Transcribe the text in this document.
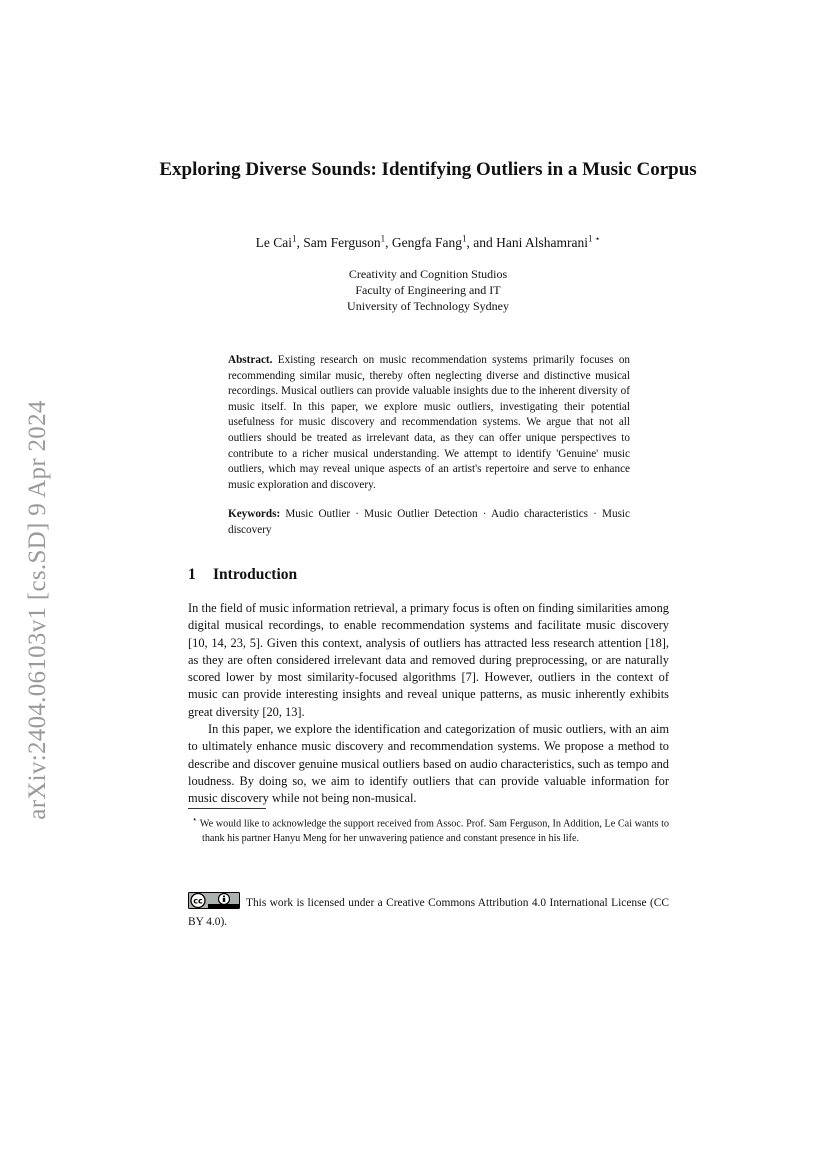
arXiv:2404.06103v1 [cs.SD] 9 Apr 2024
Exploring Diverse Sounds: Identifying Outliers in a Music Corpus
Le Cai$^1$, Sam Ferguson$^1$, Gengfa Fang$^1$, and Hani Alshamrani$^{1 ⋆}$
Creativity and Cognition Studios
Faculty of Engineering and IT
University of Technology Sydney
Abstract. Existing research on music recommendation systems primarily focuses on recommending similar music, thereby often neglecting diverse and distinctive musical recordings. Musical outliers can provide valuable insights due to the inherent diversity of music itself. In this paper, we explore music outliers, investigating their potential usefulness for music discovery and recommendation systems. We argue that not all outliers should be treated as irrelevant data, as they can offer unique perspectives to contribute to a richer musical understanding. We attempt to identify 'Genuine' music outliers, which may reveal unique aspects of an artist's repertoire and serve to enhance music exploration and discovery.
Keywords: Music Outlier · Music Outlier Detection · Audio characteristics · Music discovery
1 Introduction

In the field of music information retrieval, a primary focus is often on finding similarities among digital musical recordings, to enable recommendation systems and facilitate music discovery [10, 14, 23, 5]. Given this context, analysis of outliers has attracted less research attention [18], as they are often considered irrelevant data and removed during preprocessing, or are naturally scored lower by most similarity-focused algorithms [7]. However, outliers in the context of music can provide interesting insights and reveal unique patterns, as music inherently exhibits great diversity [20, 13].

In this paper, we explore the identification and categorization of music outliers, with an aim to ultimately enhance music discovery and recommendation systems. We propose a method to describe and discover genuine musical outliers based on audio characteristics, such as tempo and loudness. By doing so, we aim to identify outliers that can provide valuable information for music discovery while not being non-musical.

⋆ We would like to acknowledge the support received from Assoc. Prof. Sam Ferguson, In Addition, Le Cai wants to thank his partner Hanyu Meng for her unwavering patience and constant presence in his life.
cc	This work is licensed under a Creative Commons Attribution 4.0 International License (CC BY 4.0).
